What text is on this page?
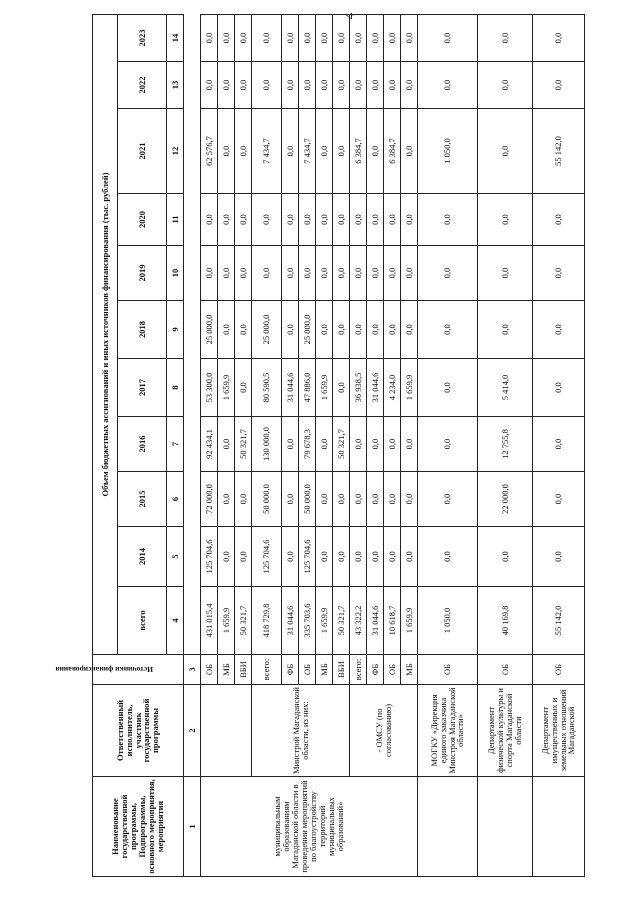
4
Наименование государственной программы, Подпрограммы, основного мероприятия, мероприятия	Ответственный исполнитель, участник государственной программы	Источники финансирования	Объем бюджетных ассигнований и иных источников финансирования (тыс. рублей)										
			всего	2014	2015	2016	2017	2018	2019	2020	2021	2022	2023
			4	5	6	7	8	9	10	11	12	13	14
1	2	3											
муниципальным образованиям Магаданской области в проведении мероприятий по благоустройству территорий муниципальных образований»		ОБ	431 015,4	125 704,6	72 000,0	92 434,1	53 300,0	25 000,0	0,0	0,0	62 576,7	0,0	0,0
		МБ	1 659,9	0,0	0,0	0,0	1 659,9	0,0	0,0	0,0	0,0	0,0	0,0
		ВБИ	50 321,7	0,0	0,0	50 321,7	0,0	0,0	0,0	0,0	0,0	0,0	0,0
	Минстрой Магаданской области, из них:	всего:	418 729,8	125 704,6	50 000,0	130 000,0	80 590,5	25 000,0	0,0	0,0	7 434,7	0,0	0,0
		ФБ	31 044,6	0,0	0,0	0,0	31 044,6	0,0	0,0	0,0	0,0	0,0	0,0
		ОБ	335 703,6	125 704,6	50 000,0	79 678,3	47 886,0	25 000,0	0,0	0,0	7 434,7	0,0	0,0
		МБ	1 659,9	0,0	0,0	0,0	1 659,9	0,0	0,0	0,0	0,0	0,0	0,0
		ВБИ	50 321,7	0,0	0,0	50 321,7	0,0	0,0	0,0	0,0	0,0	0,0	0,0
	- ОМСУ (по согласованию)	всего:	43 322,2	0,0	0,0	0,0	36 938,5	0,0	0,0	0,0	6 384,7	0,0	0,0
		ФБ	31 044,6	0,0	0,0	0,0	31 044,6	0,0	0,0	0,0	0,0	0,0	0,0
		ОБ	10 618,7	0,0	0,0	0,0	4 234,0	0,0	0,0	0,0	6 384,7	0,0	0,0
		МБ	1 659,9	0,0	0,0	0,0	1 659,9	0,0	0,0	0,0	0,0	0,0	0,0
	МОГКУ «Дирекция единого заказчика Минстроя Магаданской области»	ОБ	1 050,0	0,0	0,0	0,0	0,0	0,0	0,0	0,0	1 050,0	0,0	0,0
	Департамент физической культуры и спорта Магаданской области	ОБ	40 169,8	0,0	22 000,0	12 755,8	5 414,0	0,0	0,0	0,0	0,0	0,0	0,0
	Департамент имущественных и земельных отношений Магаданской	ОБ	55 142,0	0,0	0,0	0,0	0,0	0,0	0,0	0,0	55 142,0	0,0	0,0
